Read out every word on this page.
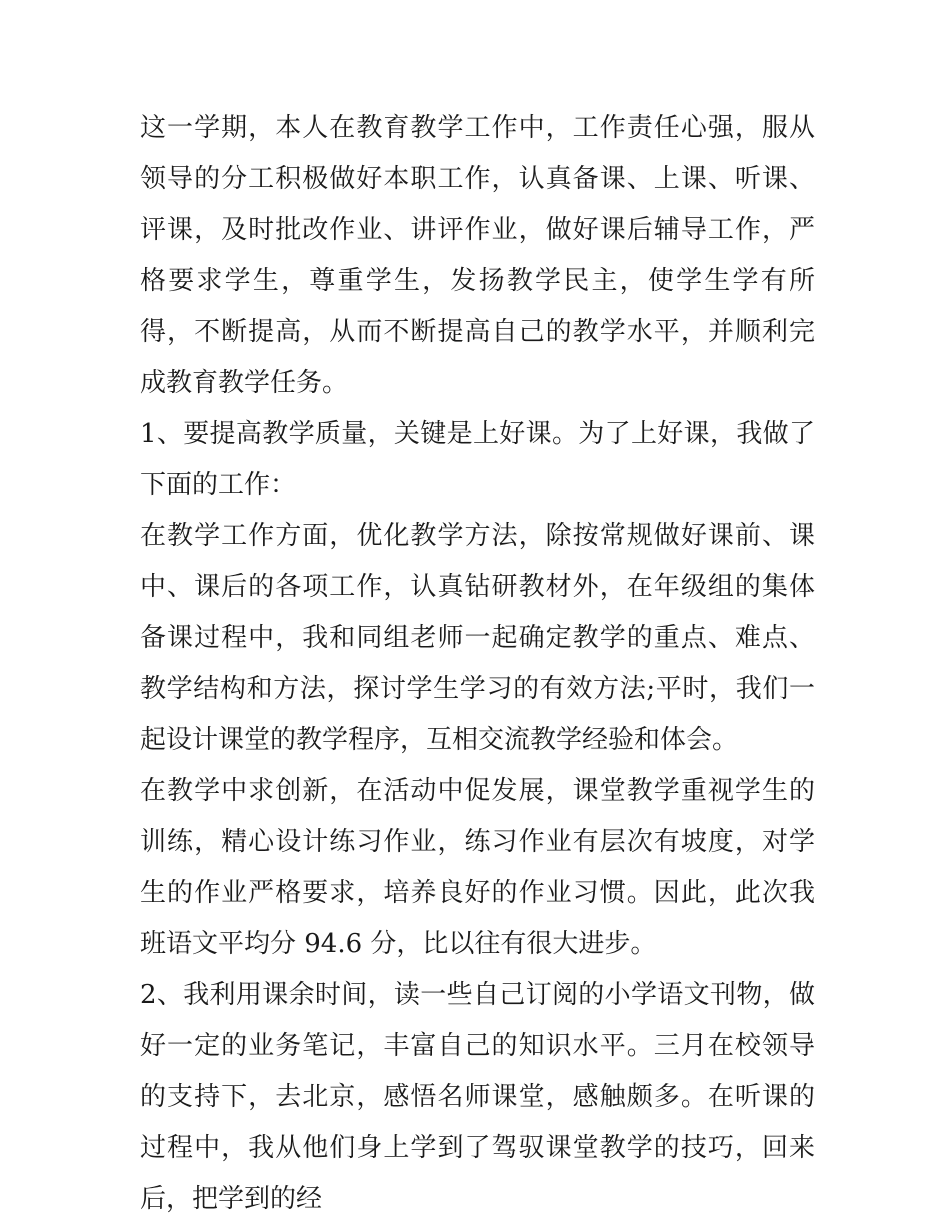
这一学期，本人在教育教学工作中，工作责任心强，服从领导的分工积极做好本职工作，认真备课、上课、听课、评课，及时批改作业、讲评作业，做好课后辅导工作，严格要求学生，尊重学生，发扬教学民主，使学生学有所得，不断提高，从而不断提高自己的教学水平，并顺利完成教育教学任务。

1、要提高教学质量，关键是上好课。为了上好课，我做了下面的工作：

在教学工作方面，优化教学方法，除按常规做好课前、课中、课后的各项工作，认真钻研教材外，在年级组的集体备课过程中，我和同组老师一起确定教学的重点、难点、教学结构和方法，探讨学生学习的有效方法;平时，我们一起设计课堂的教学程序，互相交流教学经验和体会。

在教学中求创新，在活动中促发展，课堂教学重视学生的训练，精心设计练习作业，练习作业有层次有坡度，对学生的作业严格要求，培养良好的作业习惯。因此，此次我班语文平均分 94.6 分，比以往有很大进步。

2、我利用课余时间，读一些自己订阅的小学语文刊物，做好一定的业务笔记，丰富自己的知识水平。三月在校领导的支持下，去北京，感悟名师课堂，感触颇多。在听课的过程中，我从他们身上学到了驾驭课堂教学的技巧，回来后，把学到的经
